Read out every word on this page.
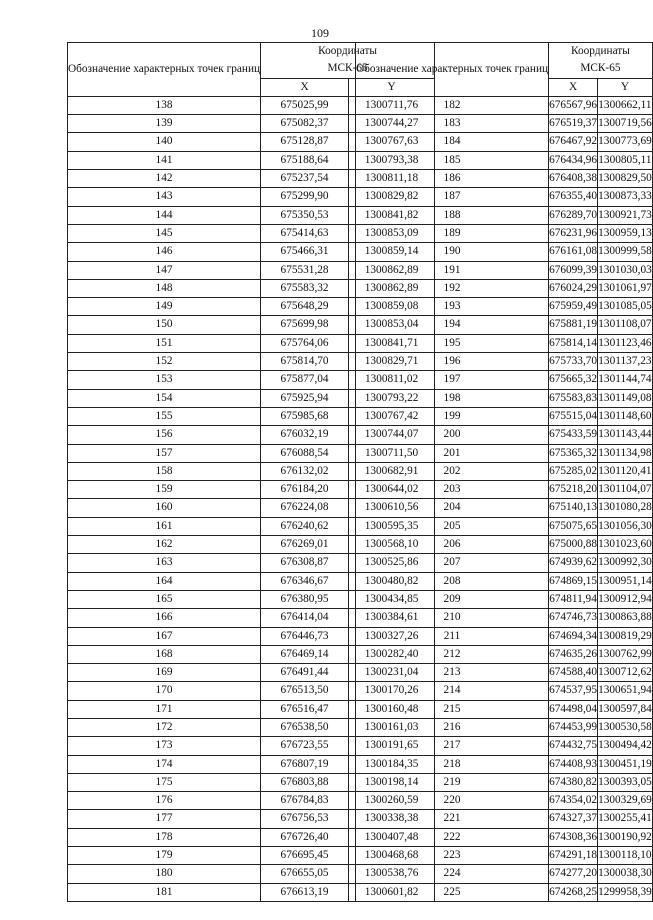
109
Обозначение характерных точек границ	Координаты
МСК-65	
	X	Y
138	675025,99	1300711,76
139	675082,37	1300744,27
140	675128,87	1300767,63
141	675188,64	1300793,38
142	675237,54	1300811,18
143	675299,90	1300829,82
144	675350,53	1300841,82
145	675414,63	1300853,09
146	675466,31	1300859,14
147	675531,28	1300862,89
148	675583,32	1300862,89
149	675648,29	1300859,08
150	675699,98	1300853,04
151	675764,06	1300841,71
152	675814,70	1300829,71
153	675877,04	1300811,02
154	675925,94	1300793,22
155	675985,68	1300767,42
156	676032,19	1300744,07
157	676088,54	1300711,50
158	676132,02	1300682,91
159	676184,20	1300644,02
160	676224,08	1300610,56
161	676240,62	1300595,35
162	676269,01	1300568,10
163	676308,87	1300525,86
164	676346,67	1300480,82
165	676380,95	1300434,85
166	676414,04	1300384,61
167	676446,73	1300327,26
168	676469,14	1300282,40
169	676491,44	1300231,04
170	676513,50	1300170,26
171	676516,47	1300160,48
172	676538,50	1300161,03
173	676723,55	1300191,65
174	676807,19	1300184,35
175	676803,88	1300198,14
176	676784,83	1300260,59
177	676756,53	1300338,38
178	676726,40	1300407,48
179	676695,45	1300468,68
180	676655,05	1300538,76
181	676613,19	1300601,82
Обозначение характерных точек границ	Координаты
МСК-65	
	X	Y
182	676567,96	1300662,11
183	676519,37	1300719,56
184	676467,92	1300773,69
185	676434,96	1300805,11
186	676408,38	1300829,50
187	676355,40	1300873,33
188	676289,70	1300921,73
189	676231,96	1300959,13
190	676161,08	1300999,58
191	676099,39	1301030,03
192	676024,29	1301061,97
193	675959,49	1301085,05
194	675881,19	1301108,07
195	675814,14	1301123,46
196	675733,70	1301137,23
197	675665,32	1301144,74
198	675583,83	1301149,08
199	675515,04	1301148,60
200	675433,59	1301143,44
201	675365,32	1301134,98
202	675285,02	1301120,41
203	675218,20	1301104,07
204	675140,13	1301080,28
205	675075,65	1301056,30
206	675000,88	1301023,60
207	674939,62	1300992,30
208	674869,15	1300951,14
209	674811,94	1300912,94
210	674746,73	1300863,88
211	674694,34	1300819,29
212	674635,26	1300762,99
213	674588,40	1300712,62
214	674537,95	1300651,94
215	674498,04	1300597,84
216	674453,99	1300530,58
217	674432,75	1300494,42
218	674408,93	1300451,19
219	674380,82	1300393,05
220	674354,02	1300329,69
221	674327,37	1300255,41
222	674308,36	1300190,92
223	674291,18	1300118,10
224	674277,20	1300038,30
225	674268,25	1299958,39
